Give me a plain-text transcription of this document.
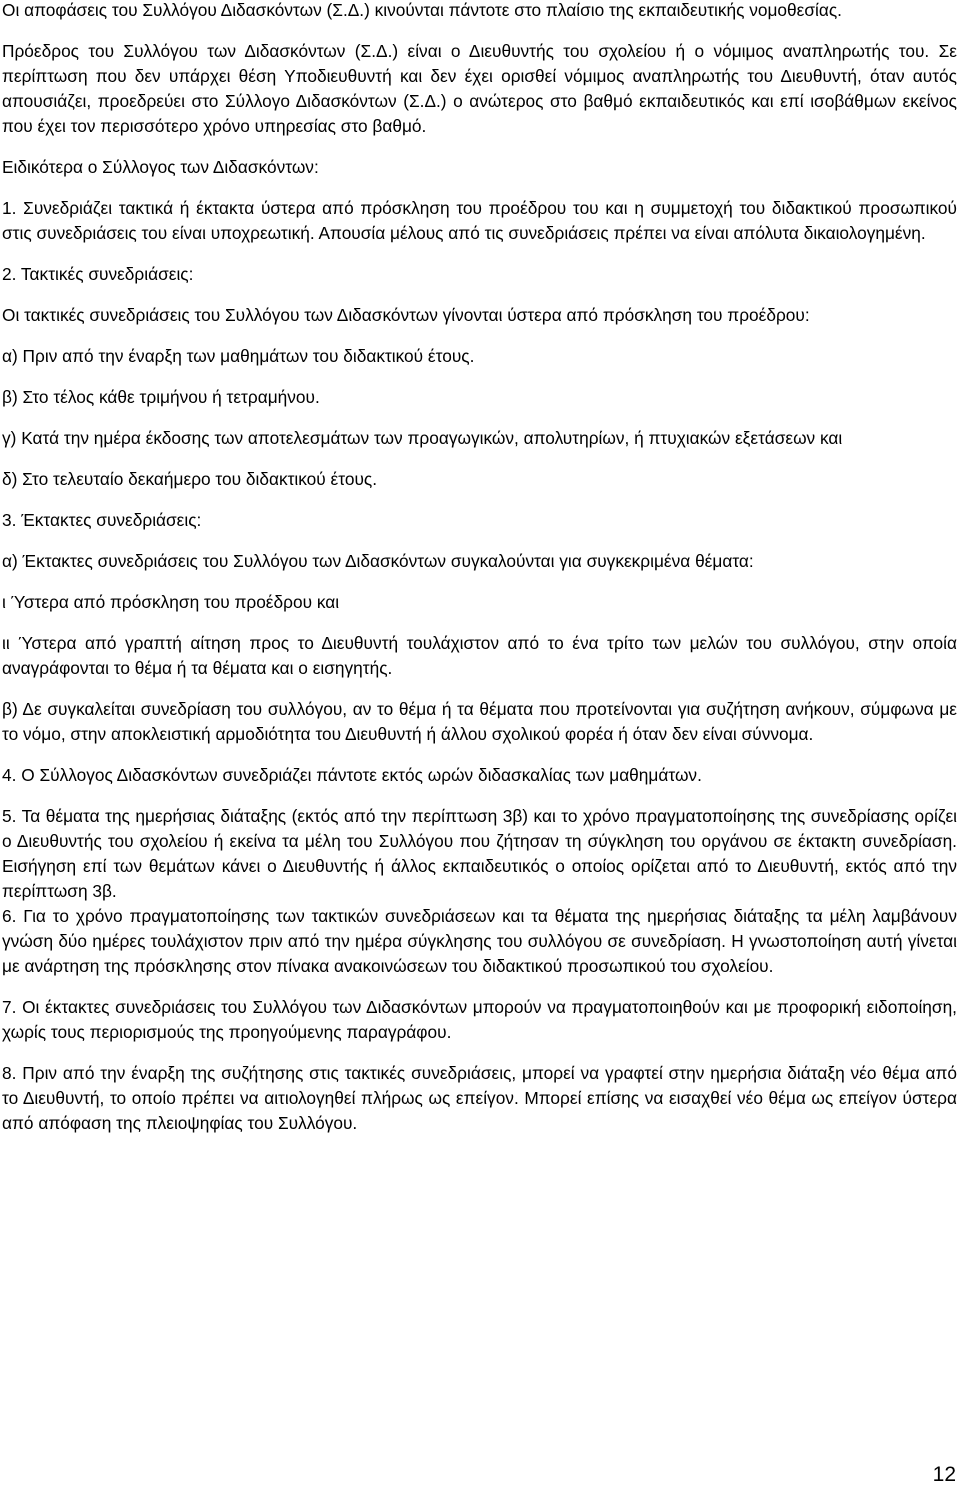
Οι αποφάσεις του Συλλόγου Διδασκόντων (Σ.Δ.) κινούνται πάντοτε στο πλαίσιο της εκπαιδευτικής νομοθεσίας.

Πρόεδρος του Συλλόγου των Διδασκόντων (Σ.Δ.) είναι ο Διευθυντής του σχολείου ή ο νόμιμος αναπληρωτής του. Σε περίπτωση που δεν υπάρχει θέση Υποδιευθυντή και δεν έχει ορισθεί νόμιμος αναπληρωτής του Διευθυντή, όταν αυτός απουσιάζει, προεδρεύει στο Σύλλογο Διδασκόντων (Σ.Δ.) ο ανώτερος στο βαθμό εκπαιδευτικός και επί ισοβάθμων εκείνος που έχει τον περισσότερο χρόνο υπηρεσίας στο βαθμό.

Ειδικότερα ο Σύλλογος των Διδασκόντων:

1. Συνεδριάζει τακτικά ή έκτακτα ύστερα από πρόσκληση του προέδρου του και η συμμετοχή του διδακτικού προσωπικού στις συνεδριάσεις του είναι υποχρεωτική. Απουσία μέλους από τις συνεδριάσεις πρέπει να είναι απόλυτα δικαιολογημένη.

2. Τακτικές συνεδριάσεις:

Οι τακτικές συνεδριάσεις του Συλλόγου των Διδασκόντων γίνονται ύστερα από πρόσκληση του προέδρου:

α) Πριν από την έναρξη των μαθημάτων του διδακτικού έτους.

β) Στο τέλος κάθε τριμήνου ή τετραμήνου.

γ) Κατά την ημέρα έκδοσης των αποτελεσμάτων των προαγωγικών, απολυτηρίων, ή πτυχιακών εξετάσεων και

δ) Στο τελευταίο δεκαήμερο του διδακτικού έτους.

3. Έκτακτες συνεδριάσεις:

α) Έκτακτες συνεδριάσεις του Συλλόγου των Διδασκόντων συγκαλούνται για συγκεκριμένα θέματα:

ι Ύστερα από πρόσκληση του προέδρου και

ιι Ύστερα από γραπτή αίτηση προς το Διευθυντή τουλάχιστον από το ένα τρίτο των μελών του συλλόγου, στην οποία αναγράφονται το θέμα ή τα θέματα και ο εισηγητής.

β) Δε συγκαλείται συνεδρίαση του συλλόγου, αν το θέμα ή τα θέματα που προτείνονται για συζήτηση ανήκουν, σύμφωνα με το νόμο, στην αποκλειστική αρμοδιότητα του Διευθυντή ή άλλου σχολικού φορέα ή όταν δεν είναι σύννομα.

4. Ο Σύλλογος Διδασκόντων συνεδριάζει πάντοτε εκτός ωρών διδασκαλίας των μαθημάτων.

5. Τα θέματα της ημερήσιας διάταξης (εκτός από την περίπτωση 3β) και το χρόνο πραγματοποίησης της συνεδρίασης ορίζει ο Διευθυντής του σχολείου ή εκείνα τα μέλη του Συλλόγου που ζήτησαν τη σύγκληση του οργάνου σε έκτακτη συνεδρίαση. Εισήγηση επί των θεμάτων κάνει ο Διευθυντής ή άλλος εκπαιδευτικός ο οποίος ορίζεται από το Διευθυντή, εκτός από την περίπτωση 3β.

6. Για το χρόνο πραγματοποίησης των τακτικών συνεδριάσεων και τα θέματα της ημερήσιας διάταξης τα μέλη λαμβάνουν γνώση δύο ημέρες τουλάχιστον πριν από την ημέρα σύγκλησης του συλλόγου σε συνεδρίαση. Η γνωστοποίηση αυτή γίνεται με ανάρτηση της πρόσκλησης στον πίνακα ανακοινώσεων του διδακτικού προσωπικού του σχολείου.

7. Οι έκτακτες συνεδριάσεις του Συλλόγου των Διδασκόντων μπορούν να πραγματοποιηθούν και με προφορική ειδοποίηση, χωρίς τους περιορισμούς της προηγούμενης παραγράφου.

8. Πριν από την έναρξη της συζήτησης στις τακτικές συνεδριάσεις, μπορεί να γραφτεί στην ημερήσια διάταξη νέο θέμα από το Διευθυντή, το οποίο πρέπει να αιτιολογηθεί πλήρως ως επείγον. Μπορεί επίσης να εισαχθεί νέο θέμα ως επείγον ύστερα από απόφαση της πλειοψηφίας του Συλλόγου.

12
